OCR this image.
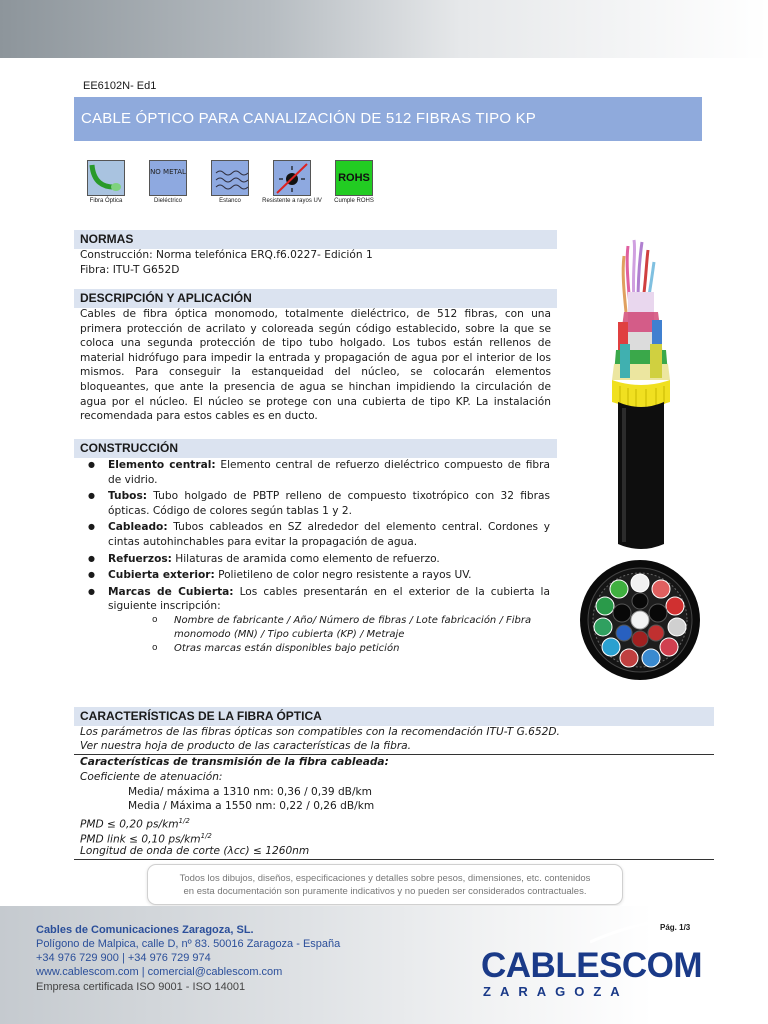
EE6102N- Ed1
CABLE ÓPTICO PARA CANALIZACIÓN DE 512 FIBRAS TIPO KP
Fibra Óptica
NO METAL
Dieléctrico	Estanco	Resistente a rayos UV
ROHS
Cumple ROHS
NORMAS
Construcción: Norma telefónica ERQ.f6.0227- Edición 1
Fibra: ITU-T G652D
DESCRIPCIÓN Y APLICACIÓN
Cables de fibra óptica monomodo, totalmente dieléctrico, de 512 fibras, con una primera protección de acrilato y coloreada según código establecido, sobre la que se coloca una segunda protección de tipo tubo holgado. Los tubos están rellenos de material hidrófugo para impedir la entrada y propagación de agua por el interior de los mismos. Para conseguir la estanqueidad del núcleo, se colocarán elementos bloqueantes, que ante la presencia de agua se hinchan impidiendo la circulación de agua por el núcleo. El núcleo se protege con una cubierta de tipo KP. La instalación recomendada para estos cables es en ducto.
CONSTRUCCIÓN
● Elemento central: Elemento central de refuerzo dieléctrico compuesto de fibra de vidrio.
● Tubos: Tubo holgado de PBTP relleno de compuesto tixotrópico con 32 fibras ópticas. Código de colores según tablas 1 y 2.
● Cableado: Tubos cableados en SZ alrededor del elemento central. Cordones y cintas autohinchables para evitar la propagación de agua.
● Refuerzos: Hilaturas de aramida como elemento de refuerzo.
● Cubierta exterior: Polietileno de color negro resistente a rayos UV.
● Marcas de Cubierta: Los cables presentarán en el exterior de la cubierta la siguiente inscripción:
o Nombre de fabricante / Año/ Número de fibras / Lote fabricación / Fibra monomodo (MN) / Tipo cubierta (KP) / Metraje
o Otras marcas están disponibles bajo petición
CARACTERÍSTICAS DE LA FIBRA ÓPTICA
Los parámetros de las fibras ópticas son compatibles con la recomendación ITU-T G.652D.
Ver nuestra hoja de producto de las características de la fibra.
Características de transmisión de la fibra cableada:
Coeficiente de atenuación:
Media/ máxima a 1310 nm: 0,36 / 0,39 dB/km
Media / Máxima a 1550 nm: 0,22 / 0,26 dB/km
PMD ≤ 0,20 $ps/km^{1/2}$
PMD link ≤ 0,10 $ps/km^{1/2}$
Longitud de onda de corte (λcc) ≤ 1260nm
Todos los dibujos, diseños, especificaciones y detalles sobre pesos, dimensiones, etc. contenidos
en esta documentación son puramente indicativos y no pueden ser considerados contractuales.
Pág. 1/3
Cables de Comunicaciones Zaragoza, SL.
Polígono de Malpica, calle D, nº 83. 50016 Zaragoza - España
+34 976 729 900 | +34 976 729 974
www.cablescom.com | comercial@cablescom.com
Empresa certificada ISO 9001 - ISO 14001
CABLESCOM
ZARAGOZA
